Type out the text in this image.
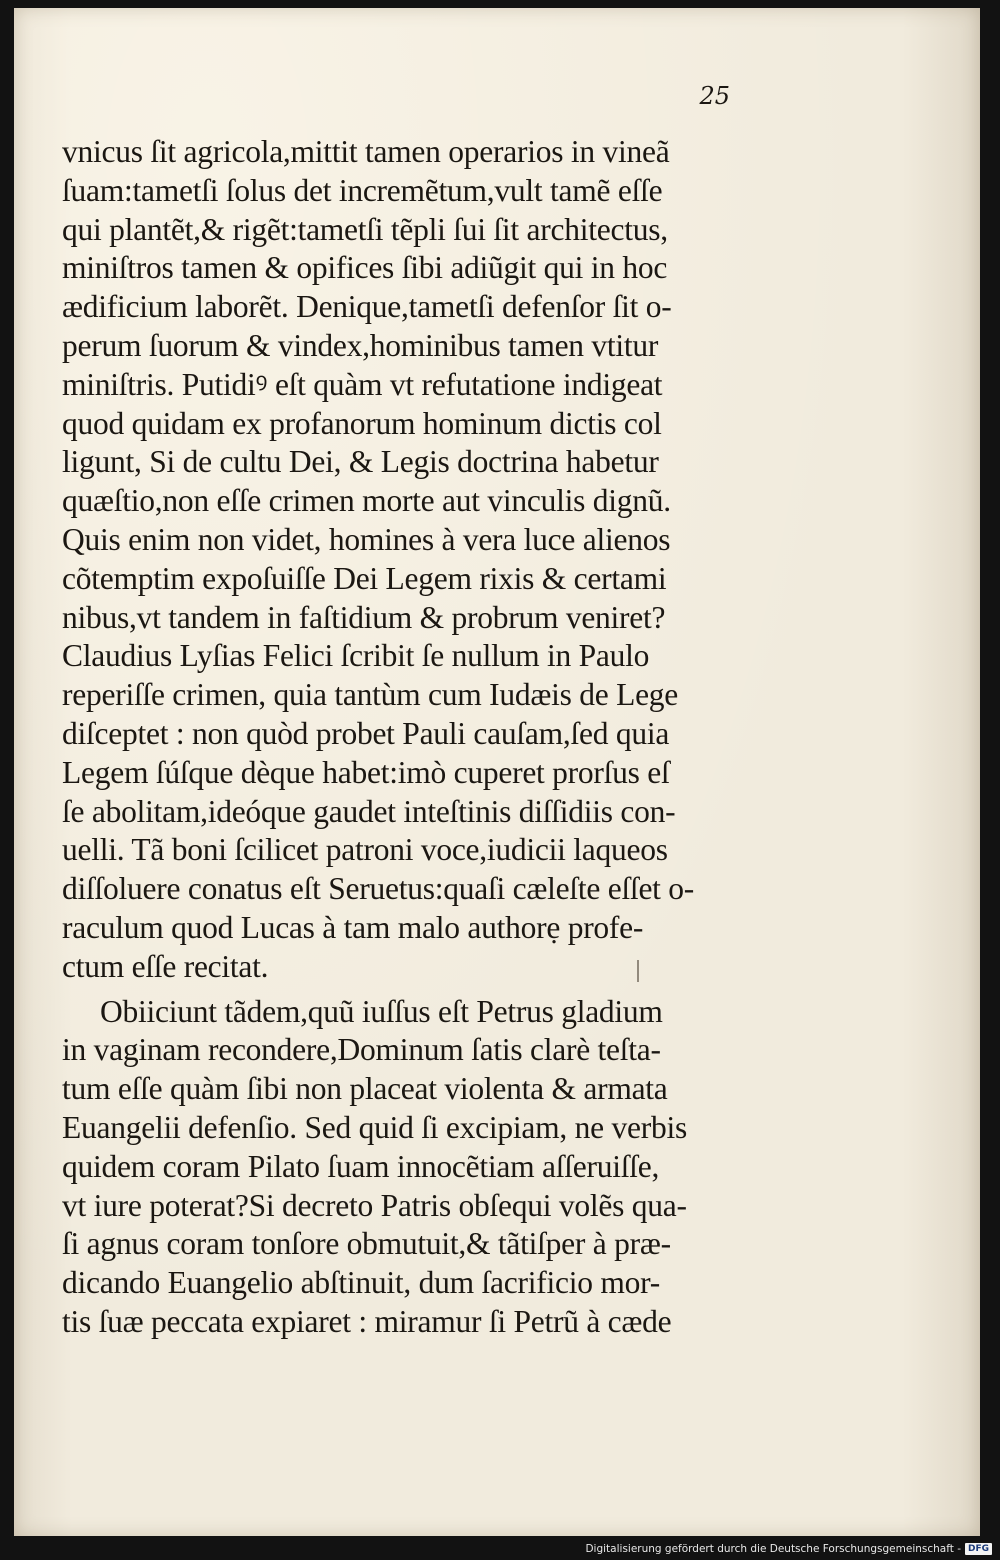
25
vnicus ſit agricola,mittit tamen operarios in vineã
ſuam:tametſi ſolus det incremẽtum,vult tamẽ eſſe
qui plantẽt,& rigẽt:tametſi tẽpli ſui ſit architectus,
miniſtros tamen & opifices ſibi adiũgit qui in hoc
ædificium laborẽt. Denique,tametſi defenſor ſit o-
perum ſuorum & vindex,hominibus tamen vtitur
miniſtris. Putidiꝰ eſt quàm vt refutatione indigeat
quod quidam ex profanorum hominum dictis col
ligunt, Si de cultu Dei, & Legis doctrina habetur
quæſtio,non eſſe crimen morte aut vinculis dignũ.
Quis enim non videt, homines à vera luce alienos
cõtemptim expoſuiſſe Dei Legem rixis & certami
nibus,vt tandem in faſtidium & probrum veniret?
Claudius Lyſias Felici ſcribit ſe nullum in Paulo
reperiſſe crimen, quia tantùm cum Iudæis de Lege
diſceptet : non quòd probet Pauli cauſam,ſed quia
Legem ſúſque dèque habet:imò cuperet prorſus eſ
ſe abolitam,ideóque gaudet inteſtinis diſſidiis con-
uelli. Tã boni ſcilicet patroni voce,iudicii laqueos
diſſoluere conatus eſt Seruetus:quaſi cæleſte eſſet o-
raculum quod Lucas à tam malo authorẹ profe-
ctum eſſe recitat.
Obiiciunt tãdem,quũ iuſſus eſt Petrus gladium
in vaginam recondere,Dominum ſatis clarè teſta-
tum eſſe quàm ſibi non placeat violenta & armata
Euangelii defenſio. Sed quid ſi excipiam, ne verbis
quidem coram Pilato ſuam innocẽtiam aſſeruiſſe,
vt iure poterat?Si decreto Patris obſequi volẽs qua-
ſi agnus coram tonſore obmutuit,& tãtiſper à præ-
dicando Euangelio abſtinuit, dum ſacrificio mor-
tis ſuæ peccata expiaret : miramur ſi Petrũ à cæde
Digitalisierung gefördert durch die Deutsche Forschungsgemeinschaft - DFG
